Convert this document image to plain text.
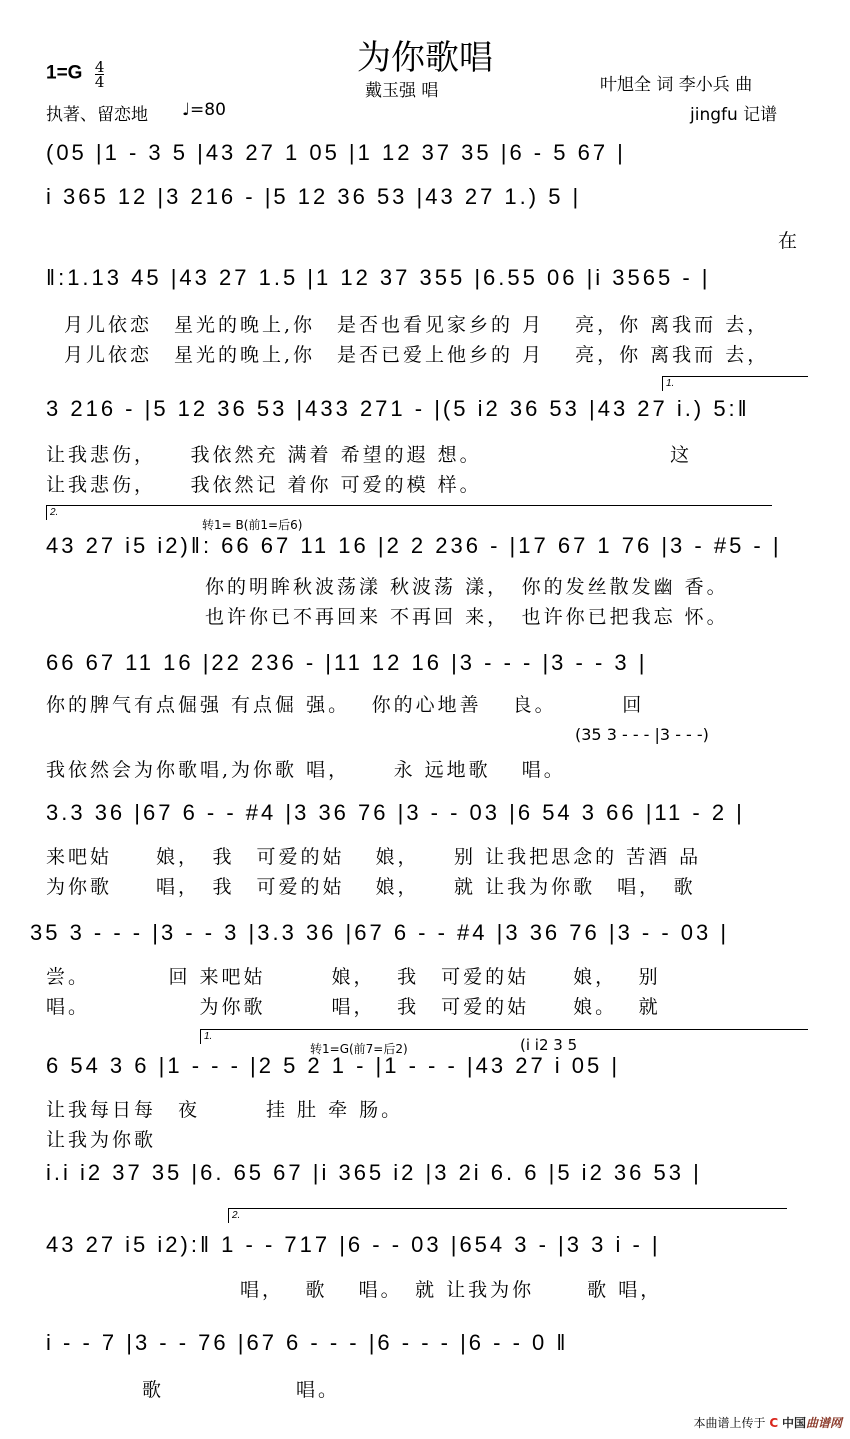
为你歌唱
戴玉强 唱	叶旭全 词 李小兵 曲
jingfu 记谱
$1=G \frac{4}{4}$
执著、留恋地 ♩=80
(05 |1 - 3 5 |43 27 1 05 |1 12 37 35 |6 - 5 67 |
i 365 12 |3 216 - |5 12 36 53 |43 27 1.) 5 |
在
‖:1.13 45 |43 27 1.5 |1 12 37 355 |6.55 06 |i 3565 - |
月儿依恋　星光的晚上,你　是否也看见家乡的 月　 亮，你 离我而 去，
月儿依恋　星光的晚上,你　是否已爱上他乡的 月　 亮，你 离我而 去，
1.
3 216 - |5 12 36 53 |433 271 - |(5 i2 36 53 |43 27 i.) 5:‖
让我悲伤，　　我依然充 满着 希望的遐 想。　　　　　　　　　这
让我悲伤，　　我依然记 着你 可爱的模 样。
2.
转1= B(前1=后6)
43 27 i5 i2)‖: 66 67 11 16 |2 2 236 - |17 67 1 76 |3 - #5 - |
你的明眸秋波荡漾 秋波荡 漾，　你的发丝散发幽 香。
也许你已不再回来 不再回 来，　也许你已把我忘 怀。
66 67 11 16 |22 236 - |11 12 16 |3 - - - |3 - - 3 |
你的脾气有点倔强 有点倔 强。　 你的心地善　 良。　　　 回
(35 3 - - - |3 - - -)
我依然会为你歌唱,为你歌 唱，　　 永 远地歌　 唱。
3.3 36 |67 6 - - #4 |3 36 76 |3 - - 03 |6 54 3 66 |11 - 2 |
来吧姑　　娘，　我　可爱的姑　 娘，　　别 让我把思念的 苦酒 品
为你歌　　唱，　我　可爱的姑　 娘，　　就 让我为你歌　唱，　歌
35 3 - - - |3 - - 3 |3.3 36 |67 6 - - #4 |3 36 76 |3 - - 03 |
尝。　　　　回 来吧姑　　　娘，　 我　可爱的姑　　娘，　 别
唱。　　　　　 为你歌　　　唱，　 我　可爱的姑　　娘。　 就
1.
转1=G(前7=后2)	(i i2 3 5
6 54 3 6 |1 - - - |2 5 2 1 - |1 - - - |43 27 i 05 |
让我每日每　夜　　　挂 肚 牵 肠。
让我为你歌
i.i i2 37 35 |6. 65 67 |i 365 i2 |3 2i 6. 6 |5 i2 36 53 |
2.
43 27 i5 i2):‖ 1 - - 717 |6 - - 03 |654 3 - |3 3 i - |
唱，　 歌　 唱。　就 让我为你　　 歌 唱，
i - - 7 |3 - - 76 |67 6 - - - |6 - - - |6 - - 0 ‖
歌　　　　　　唱。
本曲谱上传于 C 中国曲谱网
